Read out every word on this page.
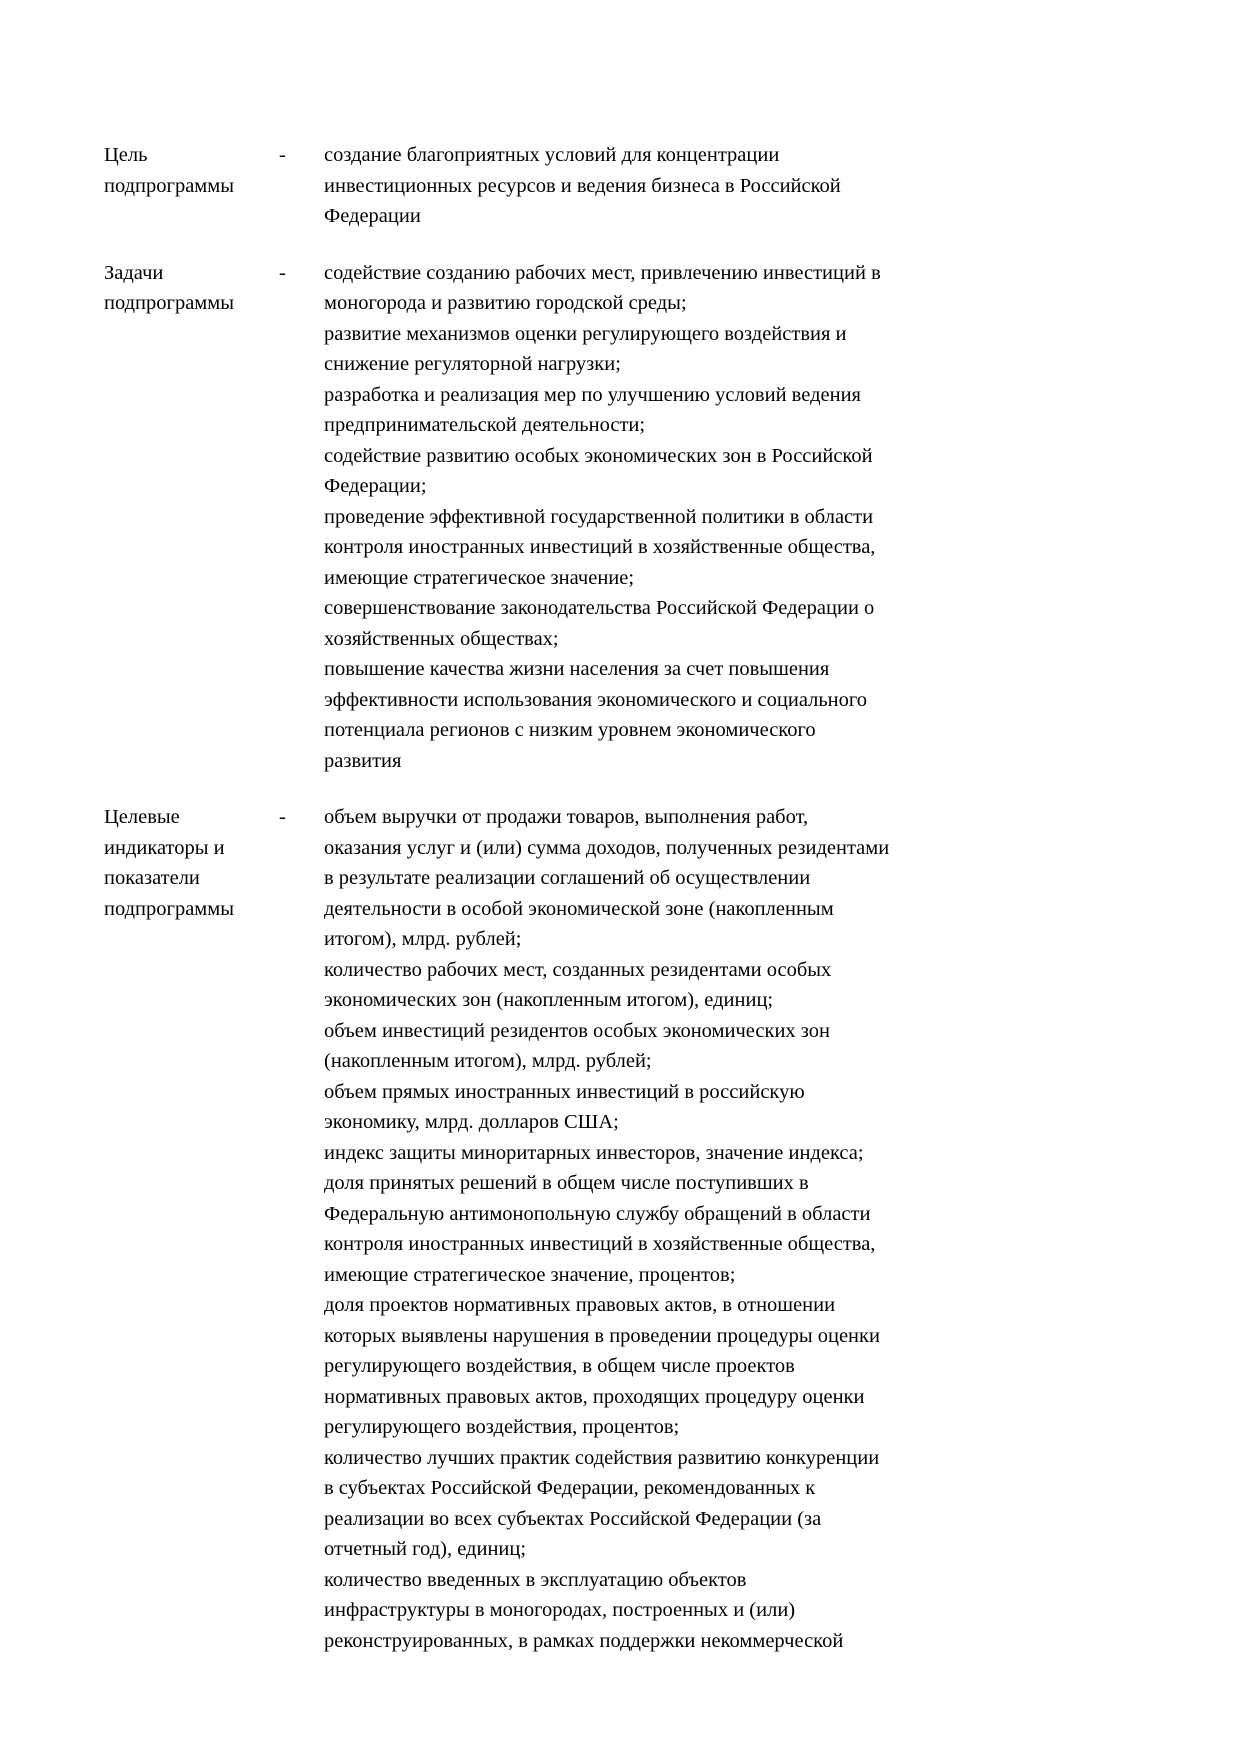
Цель
подпрограммы
-	создание благоприятных условий для концентрации
инвестиционных ресурсов и ведения бизнеса в Российской
Федерации
Задачи
подпрограммы
-	содействие созданию рабочих мест, привлечению инвестиций в
моногорода и развитию городской среды;
развитие механизмов оценки регулирующего воздействия и
снижение регуляторной нагрузки;
разработка и реализация мер по улучшению условий ведения
предпринимательской деятельности;
содействие развитию особых экономических зон в Российской
Федерации;
проведение эффективной государственной политики в области
контроля иностранных инвестиций в хозяйственные общества,
имеющие стратегическое значение;
совершенствование законодательства Российской Федерации о
хозяйственных обществах;
повышение качества жизни населения за счет повышения
эффективности использования экономического и социального
потенциала регионов с низким уровнем экономического
развития
Целевые
индикаторы и
показатели
подпрограммы
-	объем выручки от продажи товаров, выполнения работ,
оказания услуг и (или) сумма доходов, полученных резидентами
в результате реализации соглашений об осуществлении
деятельности в особой экономической зоне (накопленным
итогом), млрд. рублей;
количество рабочих мест, созданных резидентами особых
экономических зон (накопленным итогом), единиц;
объем инвестиций резидентов особых экономических зон
(накопленным итогом), млрд. рублей;
объем прямых иностранных инвестиций в российскую
экономику, млрд. долларов США;
индекс защиты миноритарных инвесторов, значение индекса;
доля принятых решений в общем числе поступивших в
Федеральную антимонопольную службу обращений в области
контроля иностранных инвестиций в хозяйственные общества,
имеющие стратегическое значение, процентов;
доля проектов нормативных правовых актов, в отношении
которых выявлены нарушения в проведении процедуры оценки
регулирующего воздействия, в общем числе проектов
нормативных правовых актов, проходящих процедуру оценки
регулирующего воздействия, процентов;
количество лучших практик содействия развитию конкуренции
в субъектах Российской Федерации, рекомендованных к
реализации во всех субъектах Российской Федерации (за
отчетный год), единиц;
количество введенных в эксплуатацию объектов
инфраструктуры в моногородах, построенных и (или)
реконструированных, в рамках поддержки некоммерческой
